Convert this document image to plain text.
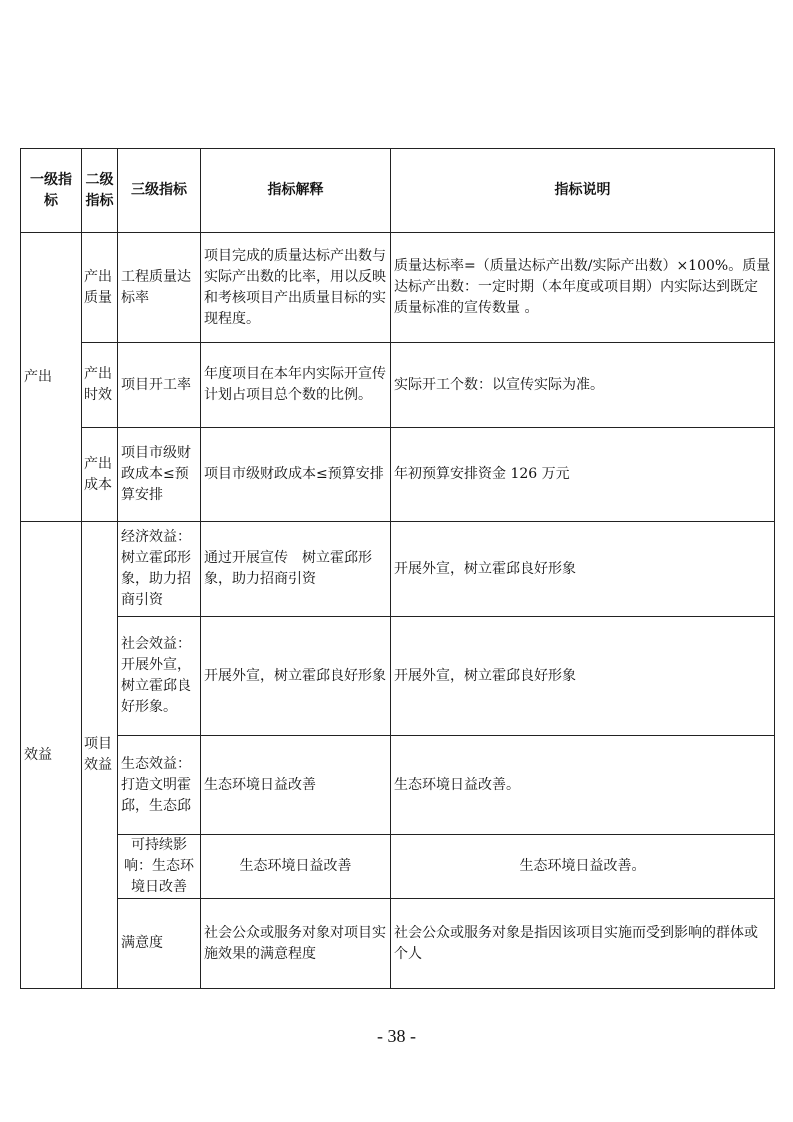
一级指标	二级指标	三级指标	指标解释	指标说明
产出	产出质量	工程质量达标率	项目完成的质量达标产出数与实际产出数的比率，用以反映和考核项目产出质量目标的实现程度。	质量达标率=（质量达标产出数/实际产出数）×100%。质量达标产出数：一定时期（本年度或项目期）内实际达到既定质量标准的宣传数量 。
	产出时效	项目开工率	年度项目在本年内实际开宣传计划占项目总个数的比例。	实际开工个数：以宣传实际为准。
	产出成本	项目市级财政成本≤预算安排	项目市级财政成本≤预算安排	年初预算安排资金 126 万元
效益	项目效益	经济效益：树立霍邱形象，助力招商引资	通过开展宣传　树立霍邱形象，助力招商引资	开展外宣，树立霍邱良好形象
		社会效益：开展外宣，树立霍邱良好形象。	开展外宣，树立霍邱良好形象	开展外宣，树立霍邱良好形象
		生态效益：打造文明霍邱，生态邱	生态环境日益改善	生态环境日益改善。
		可持续影响：生态环境日改善	生态环境日益改善	生态环境日益改善。
		满意度	社会公众或服务对象对项目实施效果的满意程度	社会公众或服务对象是指因该项目实施而受到影响的群体或个人
- 38 -
